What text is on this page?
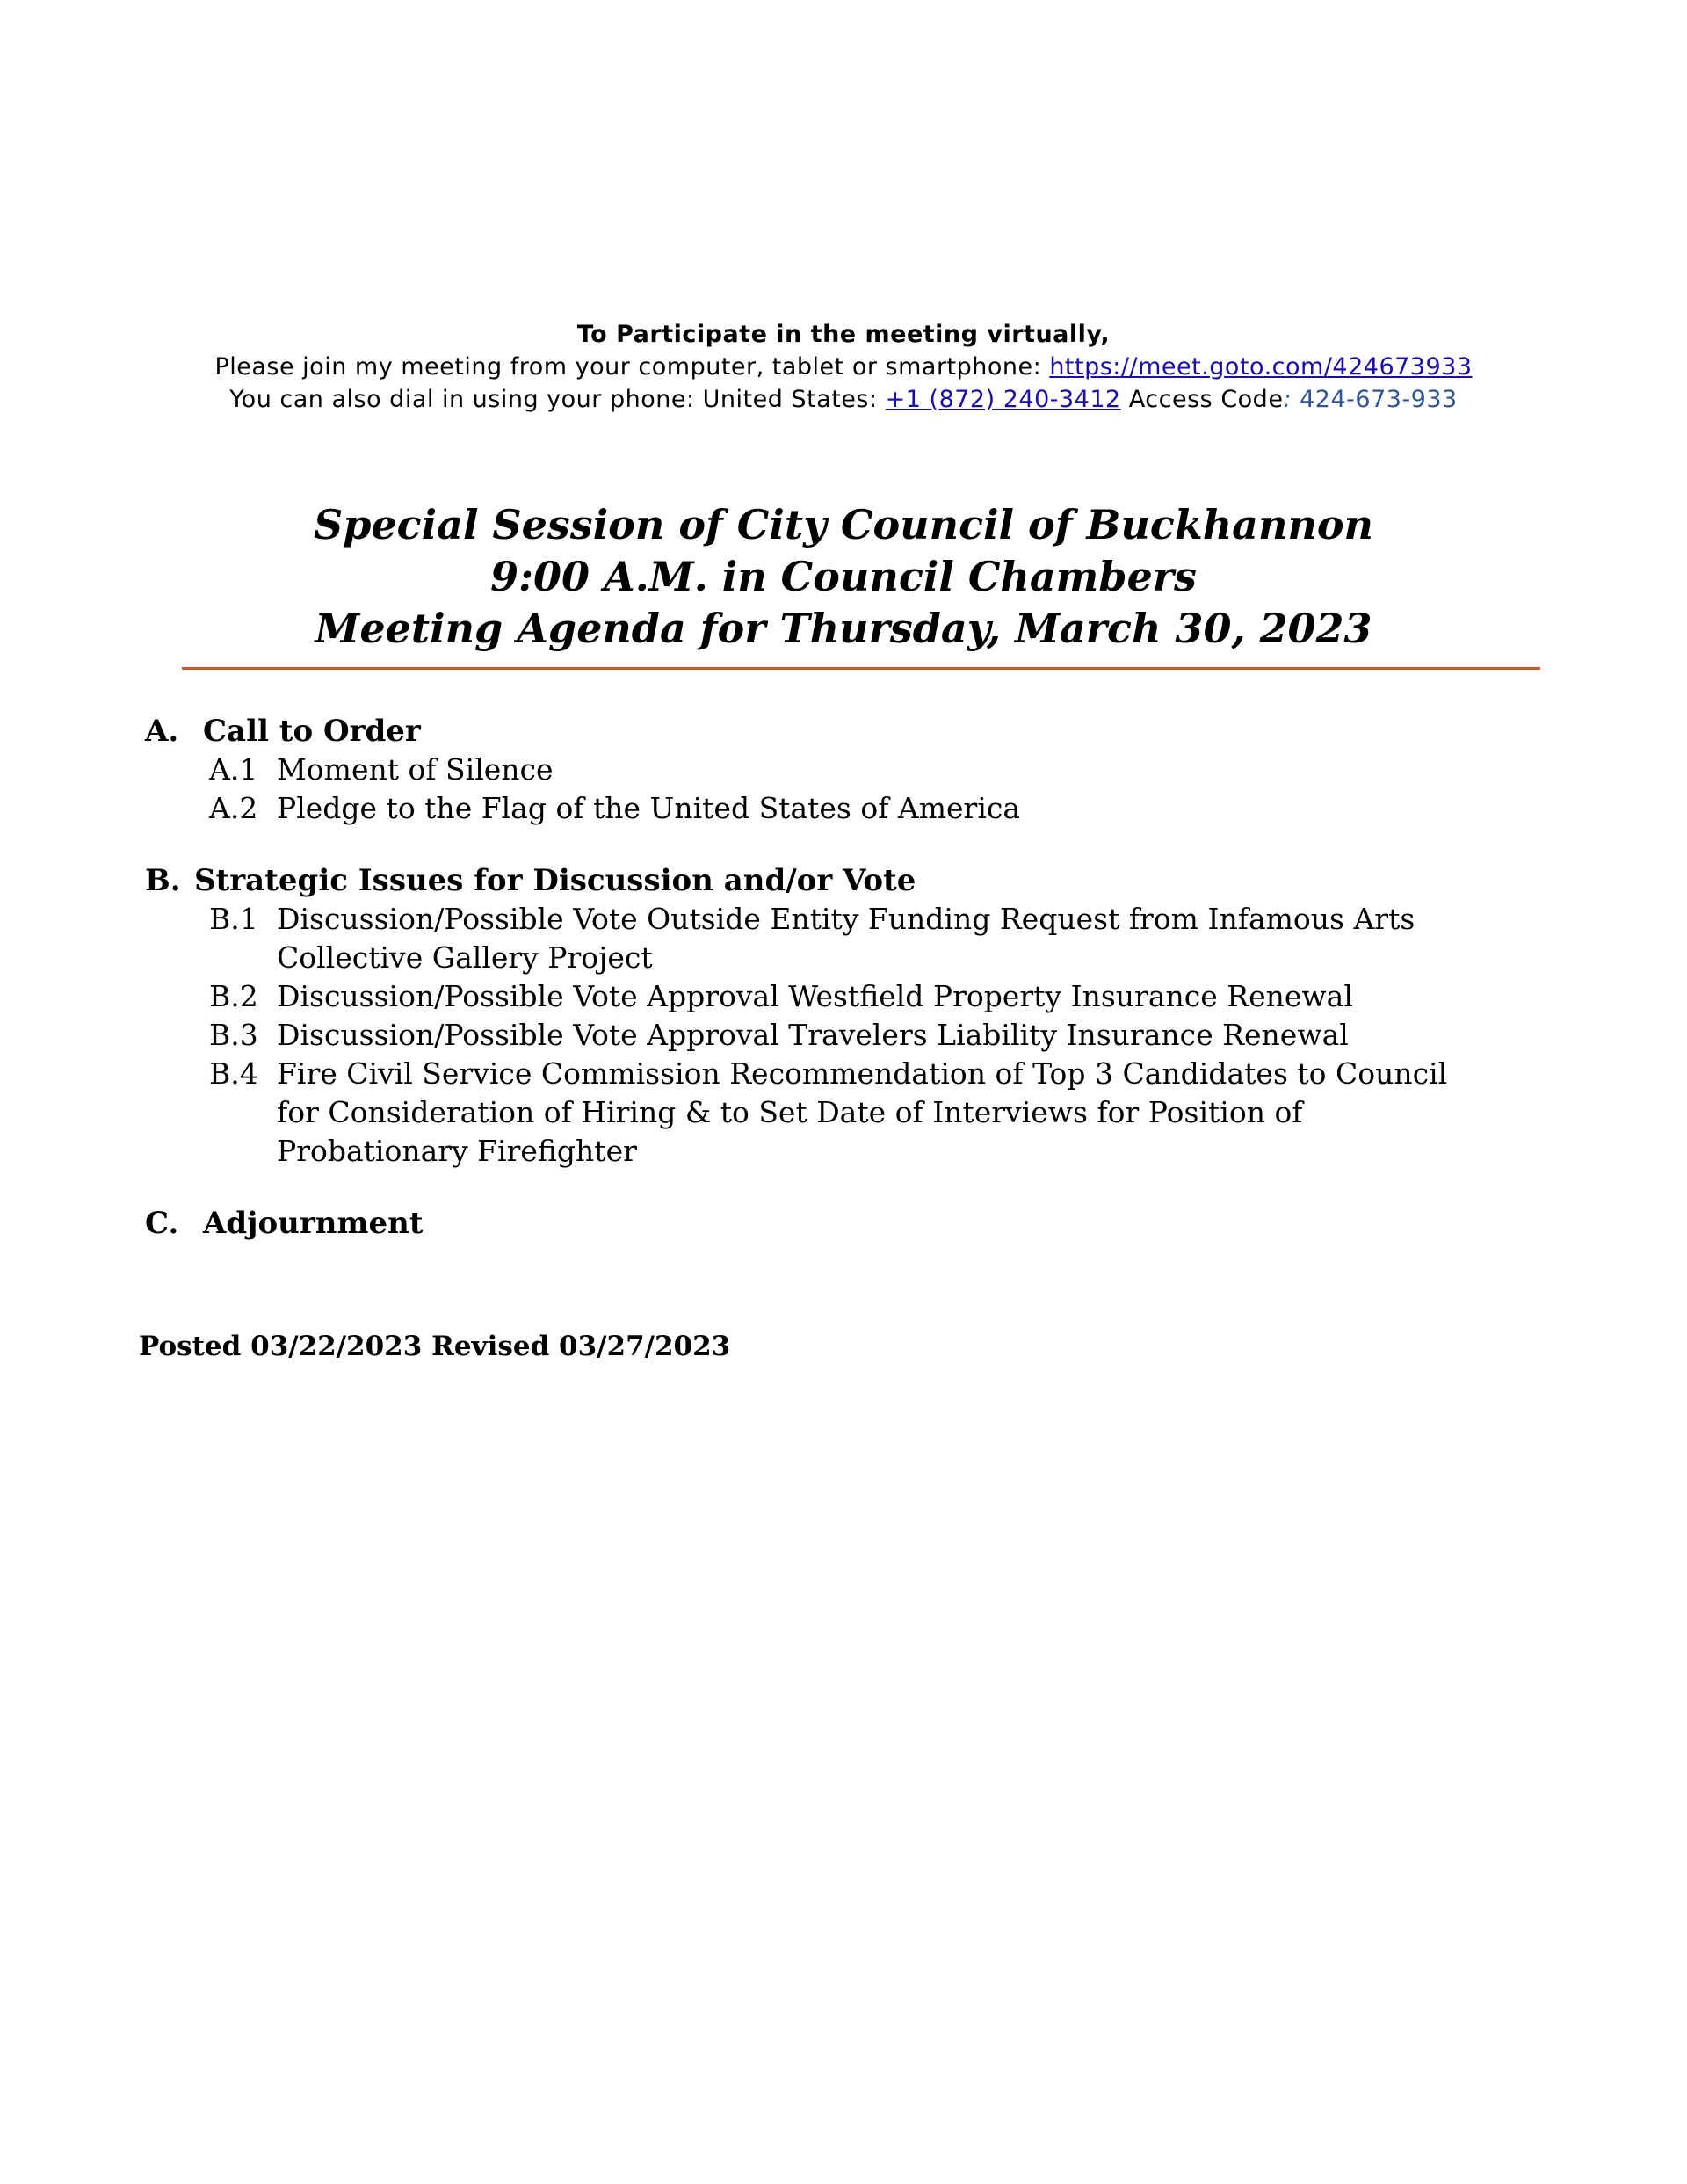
To Participate in the meeting virtually,
Please join my meeting from your computer, tablet or smartphone: https://meet.goto.com/424673933
You can also dial in using your phone: United States: +1 (872) 240-3412 Access Code: 424-673-933
Special Session of City Council of Buckhannon
9:00 A.M. in Council Chambers
Meeting Agenda for Thursday, March 30, 2023
A. Call to Order
A.1 Moment of Silence
A.2 Pledge to the Flag of the United States of America
B. Strategic Issues for Discussion and/or Vote
B.1 Discussion/Possible Vote Outside Entity Funding Request from Infamous Arts Collective Gallery Project
B.2 Discussion/Possible Vote Approval Westfield Property Insurance Renewal
B.3 Discussion/Possible Vote Approval Travelers Liability Insurance Renewal
B.4 Fire Civil Service Commission Recommendation of Top 3 Candidates to Council for Consideration of Hiring & to Set Date of Interviews for Position of Probationary Firefighter
C. Adjournment
Posted 03/22/2023 Revised 03/27/2023
